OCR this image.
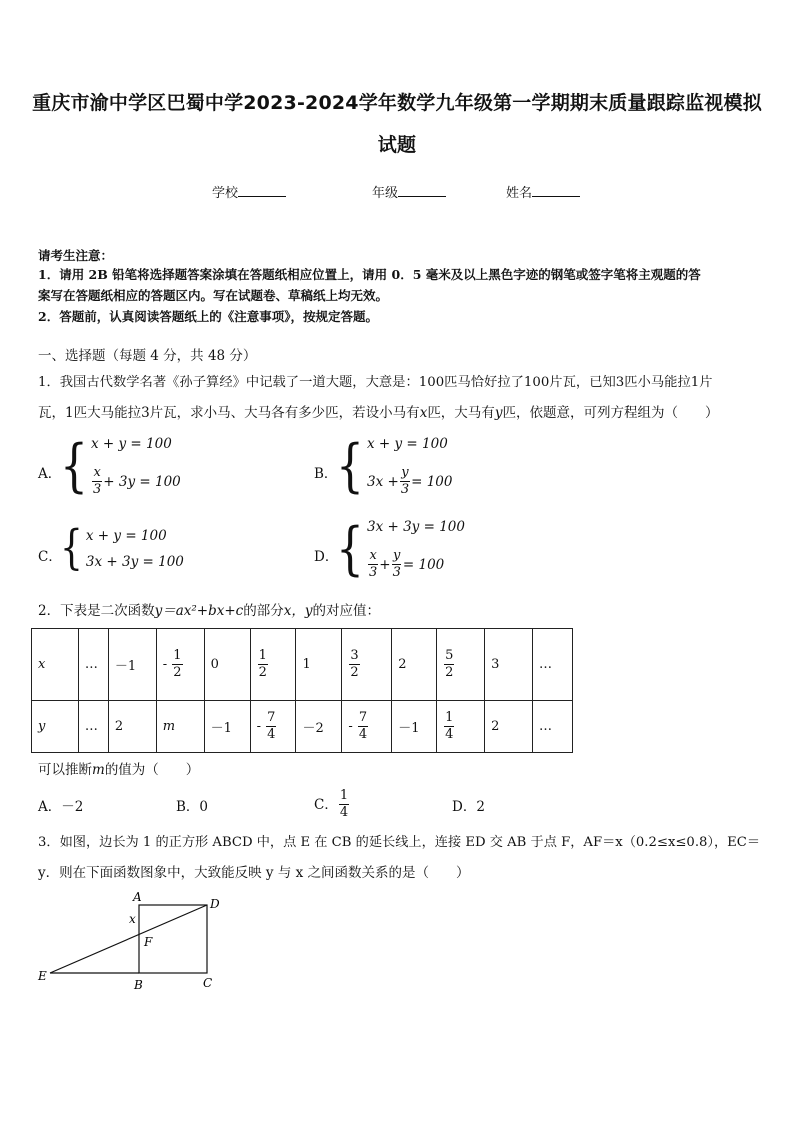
重庆市渝中学区巴蜀中学2023-2024学年数学九年级第一学期期末质量跟踪监视模拟
试题
学校	年级	姓名
请考生注意：
1．请用 2B 铅笔将选择题答案涂填在答题纸相应位置上，请用 0．5 毫米及以上黑色字迹的钢笔或签字笔将主观题的答
案写在答题纸相应的答题区内。写在试题卷、草稿纸上均无效。
2．答题前，认真阅读答题纸上的《注意事项》，按规定答题。
一、选择题（每题 4 分，共 48 分）
1．我国古代数学名著《孙子算经》中记载了一道大题，大意是：100匹马恰好拉了100片瓦，已知3匹小马能拉1片
瓦，1匹大马能拉3片瓦，求小马、大马各有多少匹，若设小马有x匹，大马有y匹，依题意，可列方程组为（　　）
A．
{ x + y = 100
$\frac{x}{3} + 3y = 100$	B．
{ x + y = 100
$3x + \frac{y}{3} = 100$
C．
{ x + y = 100
3x + 3y = 100	D．
{ 3x + 3y = 100
$\frac{x}{3} + \frac{y}{3} = 100$
2．下表是二次函数y＝ax²+bx+c的部分x，y的对应值：
x	…	－1	- $\frac{1}{2}$	0	$\frac{1}{2}$	1	$\frac{3}{2}$	2	$\frac{5}{2}$	3	…
y	…	2	m	－1	- $\frac{7}{4}$	－2	- $\frac{7}{4}$	－1	$\frac{1}{4}$	2	…
可以推断m的值为（　　）
A．－2	B．0	C． $\frac{1}{4}$	D．2
3．如图，边长为 1 的正方形 ABCD 中，点 E 在 CB 的延长线上，连接 ED 交 AB 于点 F，AF＝x（0.2≤x≤0.8），EC＝
y．则在下面函数图象中，大致能反映 y 与 x 之间函数关系的是（　　）
A	D
x
F
E
B	C
